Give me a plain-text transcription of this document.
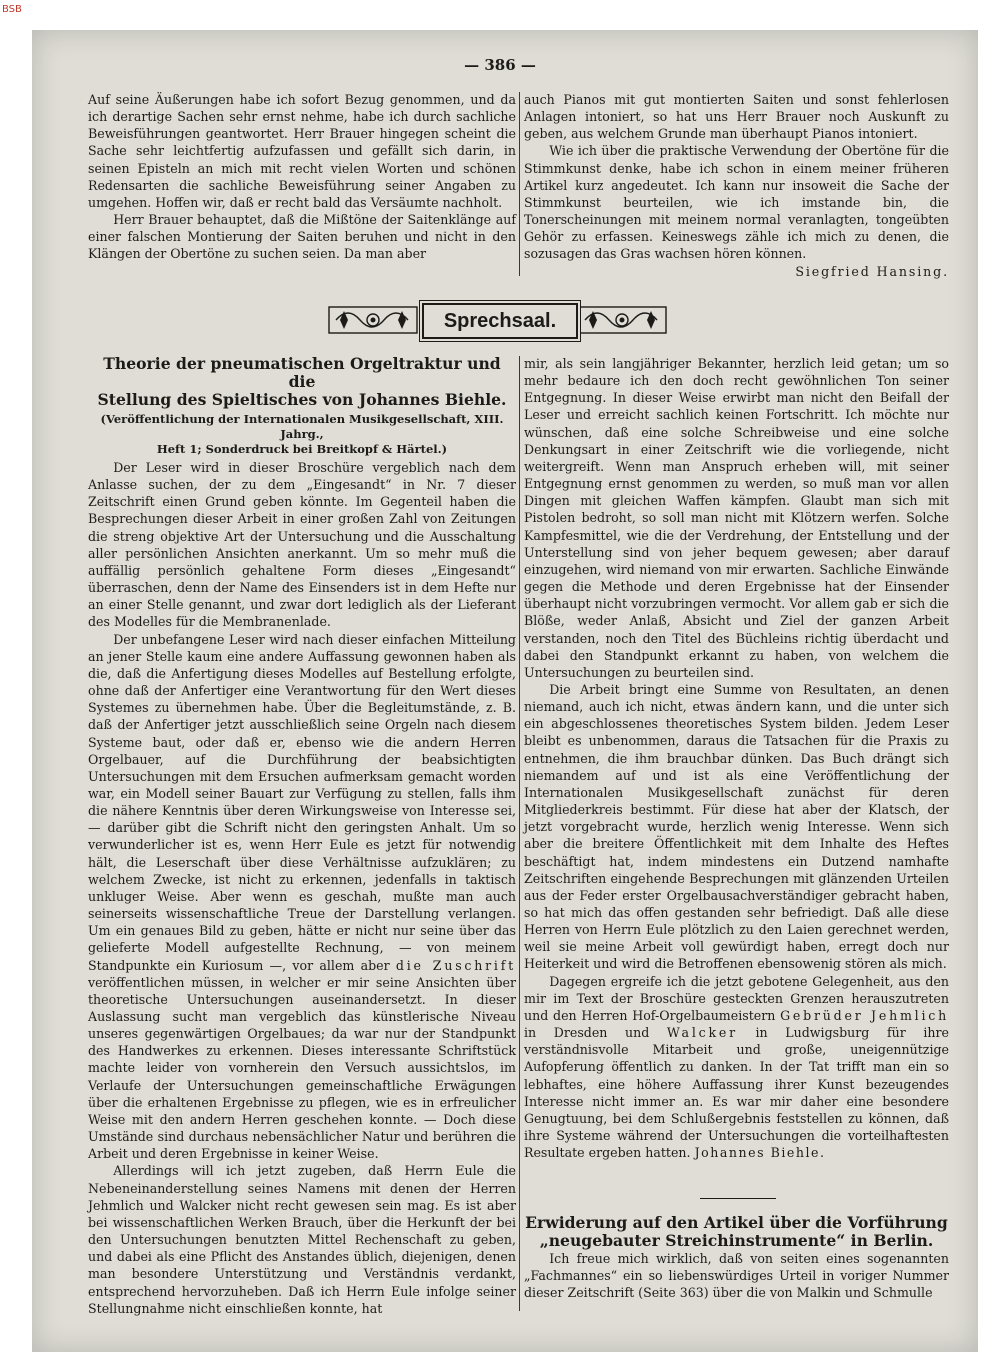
BSB
— 386 —

Auf seine Äußerungen habe ich sofort Bezug genommen, und da ich derartige Sachen sehr ernst nehme, habe ich durch sachliche Beweisführungen geantwortet. Herr Brauer hingegen scheint die Sache sehr leichtfertig aufzufassen und gefällt sich darin, in seinen Episteln an mich mit recht vielen Worten und schönen Redensarten die sachliche Beweisführung seiner Angaben zu umgehen. Hoffen wir, daß er recht bald das Versäumte nachholt.

Herr Brauer behauptet, daß die Mißtöne der Saitenklänge auf einer falschen Montierung der Saiten beruhen und nicht in den Klängen der Obertöne zu suchen seien. Da man aber

auch Pianos mit gut montierten Saiten und sonst fehlerlosen Anlagen intoniert, so hat uns Herr Brauer noch Auskunft zu geben, aus welchem Grunde man überhaupt Pianos intoniert.

Wie ich über die praktische Verwendung der Obertöne für die Stimmkunst denke, habe ich schon in einem meiner früheren Artikel kurz angedeutet. Ich kann nur insoweit die Sache der Stimmkunst beurteilen, wie ich imstande bin, die Tonerscheinungen mit meinem normal veranlagten, tongeübten Gehör zu erfassen. Keineswegs zähle ich mich zu denen, die sozusagen das Gras wachsen hören können.

Siegfried Hansing.

Sprechsaal.

Theorie der pneumatischen Orgeltraktur und die

Stellung des Spieltisches von Johannes Biehle.

(Veröffentlichung der Internationalen Musikgesellschaft, XIII. Jahrg.,

Heft 1; Sonderdruck bei Breitkopf & Härtel.)

Der Leser wird in dieser Broschüre vergeblich nach dem Anlasse suchen, der zu dem „Eingesandt“ in Nr. 7 dieser Zeitschrift einen Grund geben könnte. Im Gegenteil haben die Besprechungen dieser Arbeit in einer großen Zahl von Zeitungen die streng objektive Art der Untersuchung und die Ausschaltung aller persönlichen Ansichten anerkannt. Um so mehr muß die auffällig persönlich gehaltene Form dieses „Eingesandt“ überraschen, denn der Name des Einsenders ist in dem Hefte nur an einer Stelle genannt, und zwar dort lediglich als der Lieferant des Modelles für die Membranenlade.

Der unbefangene Leser wird nach dieser einfachen Mitteilung an jener Stelle kaum eine andere Auffassung gewonnen haben als die, daß die Anfertigung dieses Modelles auf Bestellung erfolgte, ohne daß der Anfertiger eine Verantwortung für den Wert dieses Systemes zu übernehmen habe. Über die Begleitumstände, z. B. daß der Anfertiger jetzt ausschließlich seine Orgeln nach diesem Systeme baut, oder daß er, ebenso wie die andern Herren Orgelbauer, auf die Durchführung der beabsichtigten Untersuchungen mit dem Ersuchen aufmerksam gemacht worden war, ein Modell seiner Bauart zur Verfügung zu stellen, falls ihm die nähere Kenntnis über deren Wirkungsweise von Interesse sei, — darüber gibt die Schrift nicht den geringsten Anhalt. Um so verwunderlicher ist es, wenn Herr Eule es jetzt für notwendig hält, die Leserschaft über diese Verhältnisse aufzuklären; zu welchem Zwecke, ist nicht zu erkennen, jedenfalls in taktisch unkluger Weise. Aber wenn es geschah, mußte man auch seinerseits wissenschaftliche Treue der Darstellung verlangen. Um ein genaues Bild zu geben, hätte er nicht nur seine über das gelieferte Modell aufgestellte Rechnung, — von meinem Standpunkte ein Kuriosum —, vor allem aber die Zuschrift veröffentlichen müssen, in welcher er mir seine Ansichten über theoretische Untersuchungen auseinandersetzt. In dieser Auslassung sucht man vergeblich das künstlerische Niveau unseres gegenwärtigen Orgelbaues; da war nur der Standpunkt des Handwerkes zu erkennen. Dieses interessante Schriftstück machte leider von vornherein den Versuch aussichtslos, im Verlaufe der Untersuchungen gemeinschaftliche Erwägungen über die erhaltenen Ergebnisse zu pflegen, wie es in erfreulicher Weise mit den andern Herren geschehen konnte. — Doch diese Umstände sind durchaus nebensächlicher Natur und berühren die Arbeit und deren Ergebnisse in keiner Weise.

Allerdings will ich jetzt zugeben, daß Herrn Eule die Nebeneinanderstellung seines Namens mit denen der Herren Jehmlich und Walcker nicht recht gewesen sein mag. Es ist aber bei wissenschaftlichen Werken Brauch, über die Herkunft der bei den Untersuchungen benutzten Mittel Rechenschaft zu geben, und dabei als eine Pflicht des Anstandes üblich, diejenigen, denen man besondere Unterstützung und Verständnis verdankt, entsprechend hervorzuheben. Daß ich Herrn Eule infolge seiner Stellungnahme nicht einschließen konnte, hat

mir, als sein langjähriger Bekannter, herzlich leid getan; um so mehr bedaure ich den doch recht gewöhnlichen Ton seiner Entgegnung. In dieser Weise erwirbt man nicht den Beifall der Leser und erreicht sachlich keinen Fortschritt. Ich möchte nur wünschen, daß eine solche Schreibweise und eine solche Denkungsart in einer Zeitschrift wie die vorliegende, nicht weitergreift. Wenn man Anspruch erheben will, mit seiner Entgegnung ernst genommen zu werden, so muß man vor allen Dingen mit gleichen Waffen kämpfen. Glaubt man sich mit Pistolen bedroht, so soll man nicht mit Klötzern werfen. Solche Kampfesmittel, wie die der Verdrehung, der Entstellung und der Unterstellung sind von jeher bequem gewesen; aber darauf einzugehen, wird niemand von mir erwarten. Sachliche Einwände gegen die Methode und deren Ergebnisse hat der Einsender überhaupt nicht vorzubringen vermocht. Vor allem gab er sich die Blöße, weder Anlaß, Absicht und Ziel der ganzen Arbeit verstanden, noch den Titel des Büchleins richtig überdacht und dabei den Standpunkt erkannt zu haben, von welchem die Untersuchungen zu beurteilen sind.

Die Arbeit bringt eine Summe von Resultaten, an denen niemand, auch ich nicht, etwas ändern kann, und die unter sich ein abgeschlossenes theoretisches System bilden. Jedem Leser bleibt es unbenommen, daraus die Tatsachen für die Praxis zu entnehmen, die ihm brauchbar dünken. Das Buch drängt sich niemandem auf und ist als eine Veröffentlichung der Internationalen Musikgesellschaft zunächst für deren Mitgliederkreis bestimmt. Für diese hat aber der Klatsch, der jetzt vorgebracht wurde, herzlich wenig Interesse. Wenn sich aber die breitere Öffentlichkeit mit dem Inhalte des Heftes beschäftigt hat, indem mindestens ein Dutzend namhafte Zeitschriften eingehende Besprechungen mit glänzenden Urteilen aus der Feder erster Orgelbausachverständiger gebracht haben, so hat mich das offen gestanden sehr befriedigt. Daß alle diese Herren von Herrn Eule plötzlich zu den Laien gerechnet werden, weil sie meine Arbeit voll gewürdigt haben, erregt doch nur Heiterkeit und wird die Betroffenen ebensowenig stören als mich.

Dagegen ergreife ich die jetzt gebotene Gelegenheit, aus den mir im Text der Broschüre gesteckten Grenzen herauszutreten und den Herren Hof-Orgelbaumeistern Gebrüder Jehmlich in Dresden und Walcker in Ludwigsburg für ihre verständnisvolle Mitarbeit und große, uneigennützige Aufopferung öffentlich zu danken. In der Tat trifft man ein so lebhaftes, eine höhere Auffassung ihrer Kunst bezeugendes Interesse nicht immer an. Es war mir daher eine besondere Genugtuung, bei dem Schlußergebnis feststellen zu können, daß ihre Systeme während der Untersuchungen die vorteilhaftesten Resultate ergeben hatten. Johannes Biehle.

Erwiderung auf den Artikel über die Vorführung

„neugebauter Streichinstrumente“ in Berlin.

Ich freue mich wirklich, daß von seiten eines sogenannten „Fachmannes“ ein so liebenswürdiges Urteil in voriger Nummer dieser Zeitschrift (Seite 363) über die von Malkin und Schmulle
